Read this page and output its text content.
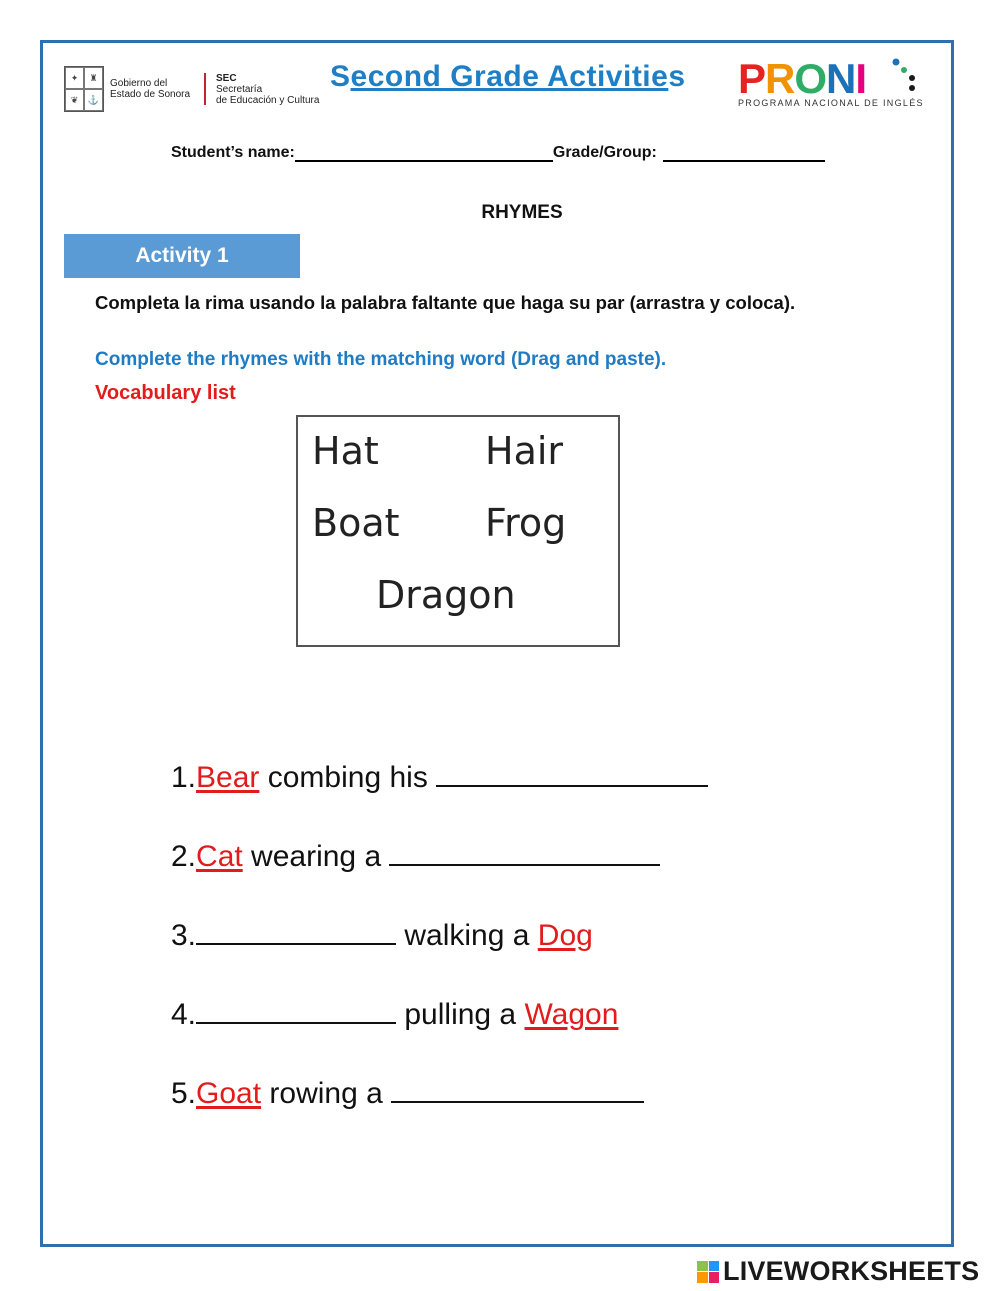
✦	♜
❦	⚓
Gobierno del
Estado de Sonora
SEC
Secretaría
de Educación y Cultura
Second Grade Activities P R O N I
PROGRAMA NACIONAL DE INGLÉS
Student’s name:	Grade/Group:
RHYMES
Activity 1
Completa la rima usando la palabra faltante que haga su par (arrastra y coloca).
Complete the rhymes with the matching word (Drag and paste).
Vocabulary list
Hat	Hair
Boat Frog
Dragon
1.Bear combing his
2.Cat wearing a
3.	walking a Dog
4.	pulling a Wagon
5.Goat rowing a
LIVEWORKSHEETS
